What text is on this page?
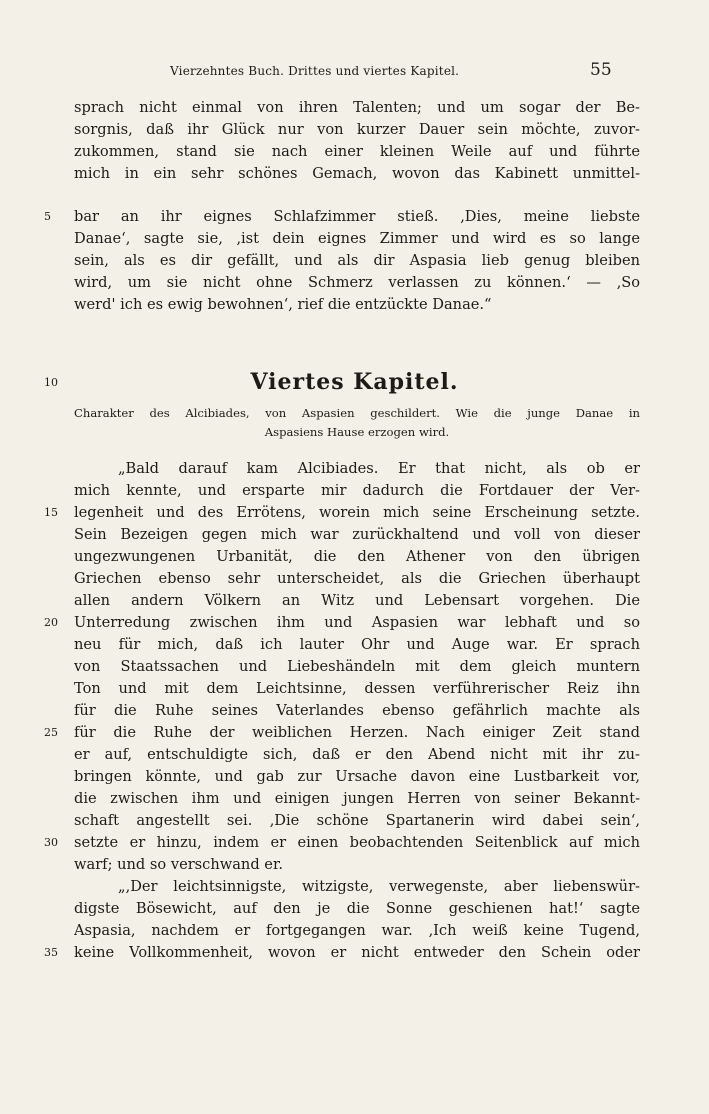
Vierzehntes Buch. Drittes und viertes Kapitel.	55
sprach nicht einmal von ihren Talenten; und um sogar der Be-
sorgnis, daß ihr Glück nur von kurzer Dauer sein möchte, zuvor-
zukommen, stand sie nach einer kleinen Weile auf und führte
mich in ein sehr schönes Gemach, wovon das Kabinett unmittel-
5	bar an ihr eignes Schlafzimmer stieß. ‚Dies, meine liebste
Danae‘, sagte sie, ‚ist dein eignes Zimmer und wird es so lange
sein, als es dir gefällt, und als dir Aspasia lieb genug bleiben
wird, um sie nicht ohne Schmerz verlassen zu können.‘ — ‚So
werd' ich es ewig bewohnen‘, rief die entzückte Danae.“
10	Viertes Kapitel.
Charakter des Alcibiades, von Aspasien geschildert. Wie die junge Danae in
Aspasiens Hause erzogen wird.
„Bald darauf kam Alcibiades. Er that nicht, als ob er
mich kennte, und ersparte mir dadurch die Fortdauer der Ver-
15	legenheit und des Errötens, worein mich seine Erscheinung setzte.
Sein Bezeigen gegen mich war zurückhaltend und voll von dieser
ungezwungenen Urbanität, die den Athener von den übrigen
Griechen ebenso sehr unterscheidet, als die Griechen überhaupt
allen andern Völkern an Witz und Lebensart vorgehen. Die
20	Unterredung zwischen ihm und Aspasien war lebhaft und so
neu für mich, daß ich lauter Ohr und Auge war. Er sprach
von Staatssachen und Liebeshändeln mit dem gleich muntern
Ton und mit dem Leichtsinne, dessen verführerischer Reiz ihn
für die Ruhe seines Vaterlandes ebenso gefährlich machte als
25	für die Ruhe der weiblichen Herzen. Nach einiger Zeit stand
er auf, entschuldigte sich, daß er den Abend nicht mit ihr zu-
bringen könnte, und gab zur Ursache davon eine Lustbarkeit vor,
die zwischen ihm und einigen jungen Herren von seiner Bekannt-
schaft angestellt sei. ‚Die schöne Spartanerin wird dabei sein‘,
30	setzte er hinzu, indem er einen beobachtenden Seitenblick auf mich
warf; und so verschwand er.
„‚Der leichtsinnigste, witzigste, verwegenste, aber liebenswür-
digste Bösewicht, auf den je die Sonne geschienen hat!‘ sagte
Aspasia, nachdem er fortgegangen war. ‚Ich weiß keine Tugend,
35	keine Vollkommenheit, wovon er nicht entweder den Schein oder
